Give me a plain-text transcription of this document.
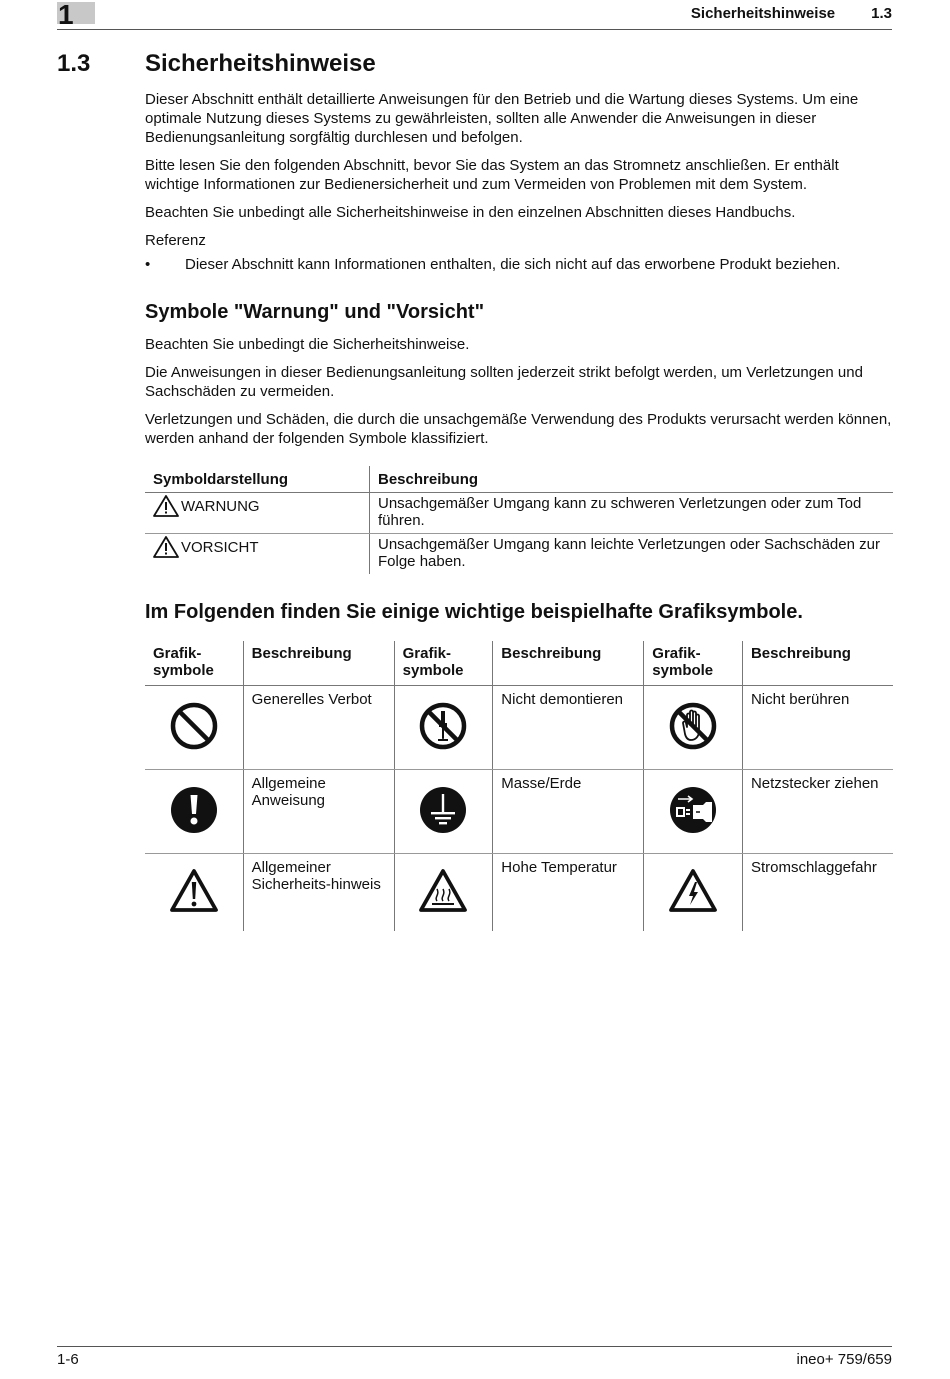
1	Sicherheitshinweise 1.3
1.3 Sicherheitshinweise

Dieser Abschnitt enthält detaillierte Anweisungen für den Betrieb und die Wartung dieses Systems. Um eine optimale Nutzung dieses Systems zu gewährleisten, sollten alle Anwender die Anweisungen in dieser Bedienungsanleitung sorgfältig durchlesen und befolgen.

Bitte lesen Sie den folgenden Abschnitt, bevor Sie das System an das Stromnetz anschließen. Er enthält wichtige Informationen zur Bedienersicherheit und zum Vermeiden von Problemen mit dem System.

Beachten Sie unbedingt alle Sicherheitshinweise in den einzelnen Abschnitten dieses Handbuchs.

Referenz
•	Dieser Abschnitt kann Informationen enthalten, die sich nicht auf das erworbene Produkt beziehen.
Symbole "Warnung" und "Vorsicht"

Beachten Sie unbedingt die Sicherheitshinweise.

Die Anweisungen in dieser Bedienungsanleitung sollten jederzeit strikt befolgt werden, um Verletzungen und Sachschäden zu vermeiden.

Verletzungen und Schäden, die durch die unsachgemäße Verwendung des Produkts verursacht werden können, werden anhand der folgenden Symbole klassifiziert.

Symboldarstellung	Beschreibung

WARNUNG	Unsachgemäßer Umgang kann zu schweren Verletzungen oder zum Tod führen.

VORSICHT	Unsachgemäßer Umgang kann leichte Verletzungen oder Sachschäden zur Folge haben.
Im Folgenden finden Sie einige wichtige beispielhafte Grafiksymbole.
Grafik-
symbole	Beschreibung	Grafik-
symbole	Beschreibung	Grafik-
symbole	Beschreibung
	Generelles Verbot		Nicht demontieren		Nicht berühren
	Allgemeine Anweisung		Masse/Erde		Netzstecker ziehen
	Allgemeiner Sicherheits-hinweis		Hohe Temperatur		Stromschlaggefahr
1-6	ineo+ 759/659
